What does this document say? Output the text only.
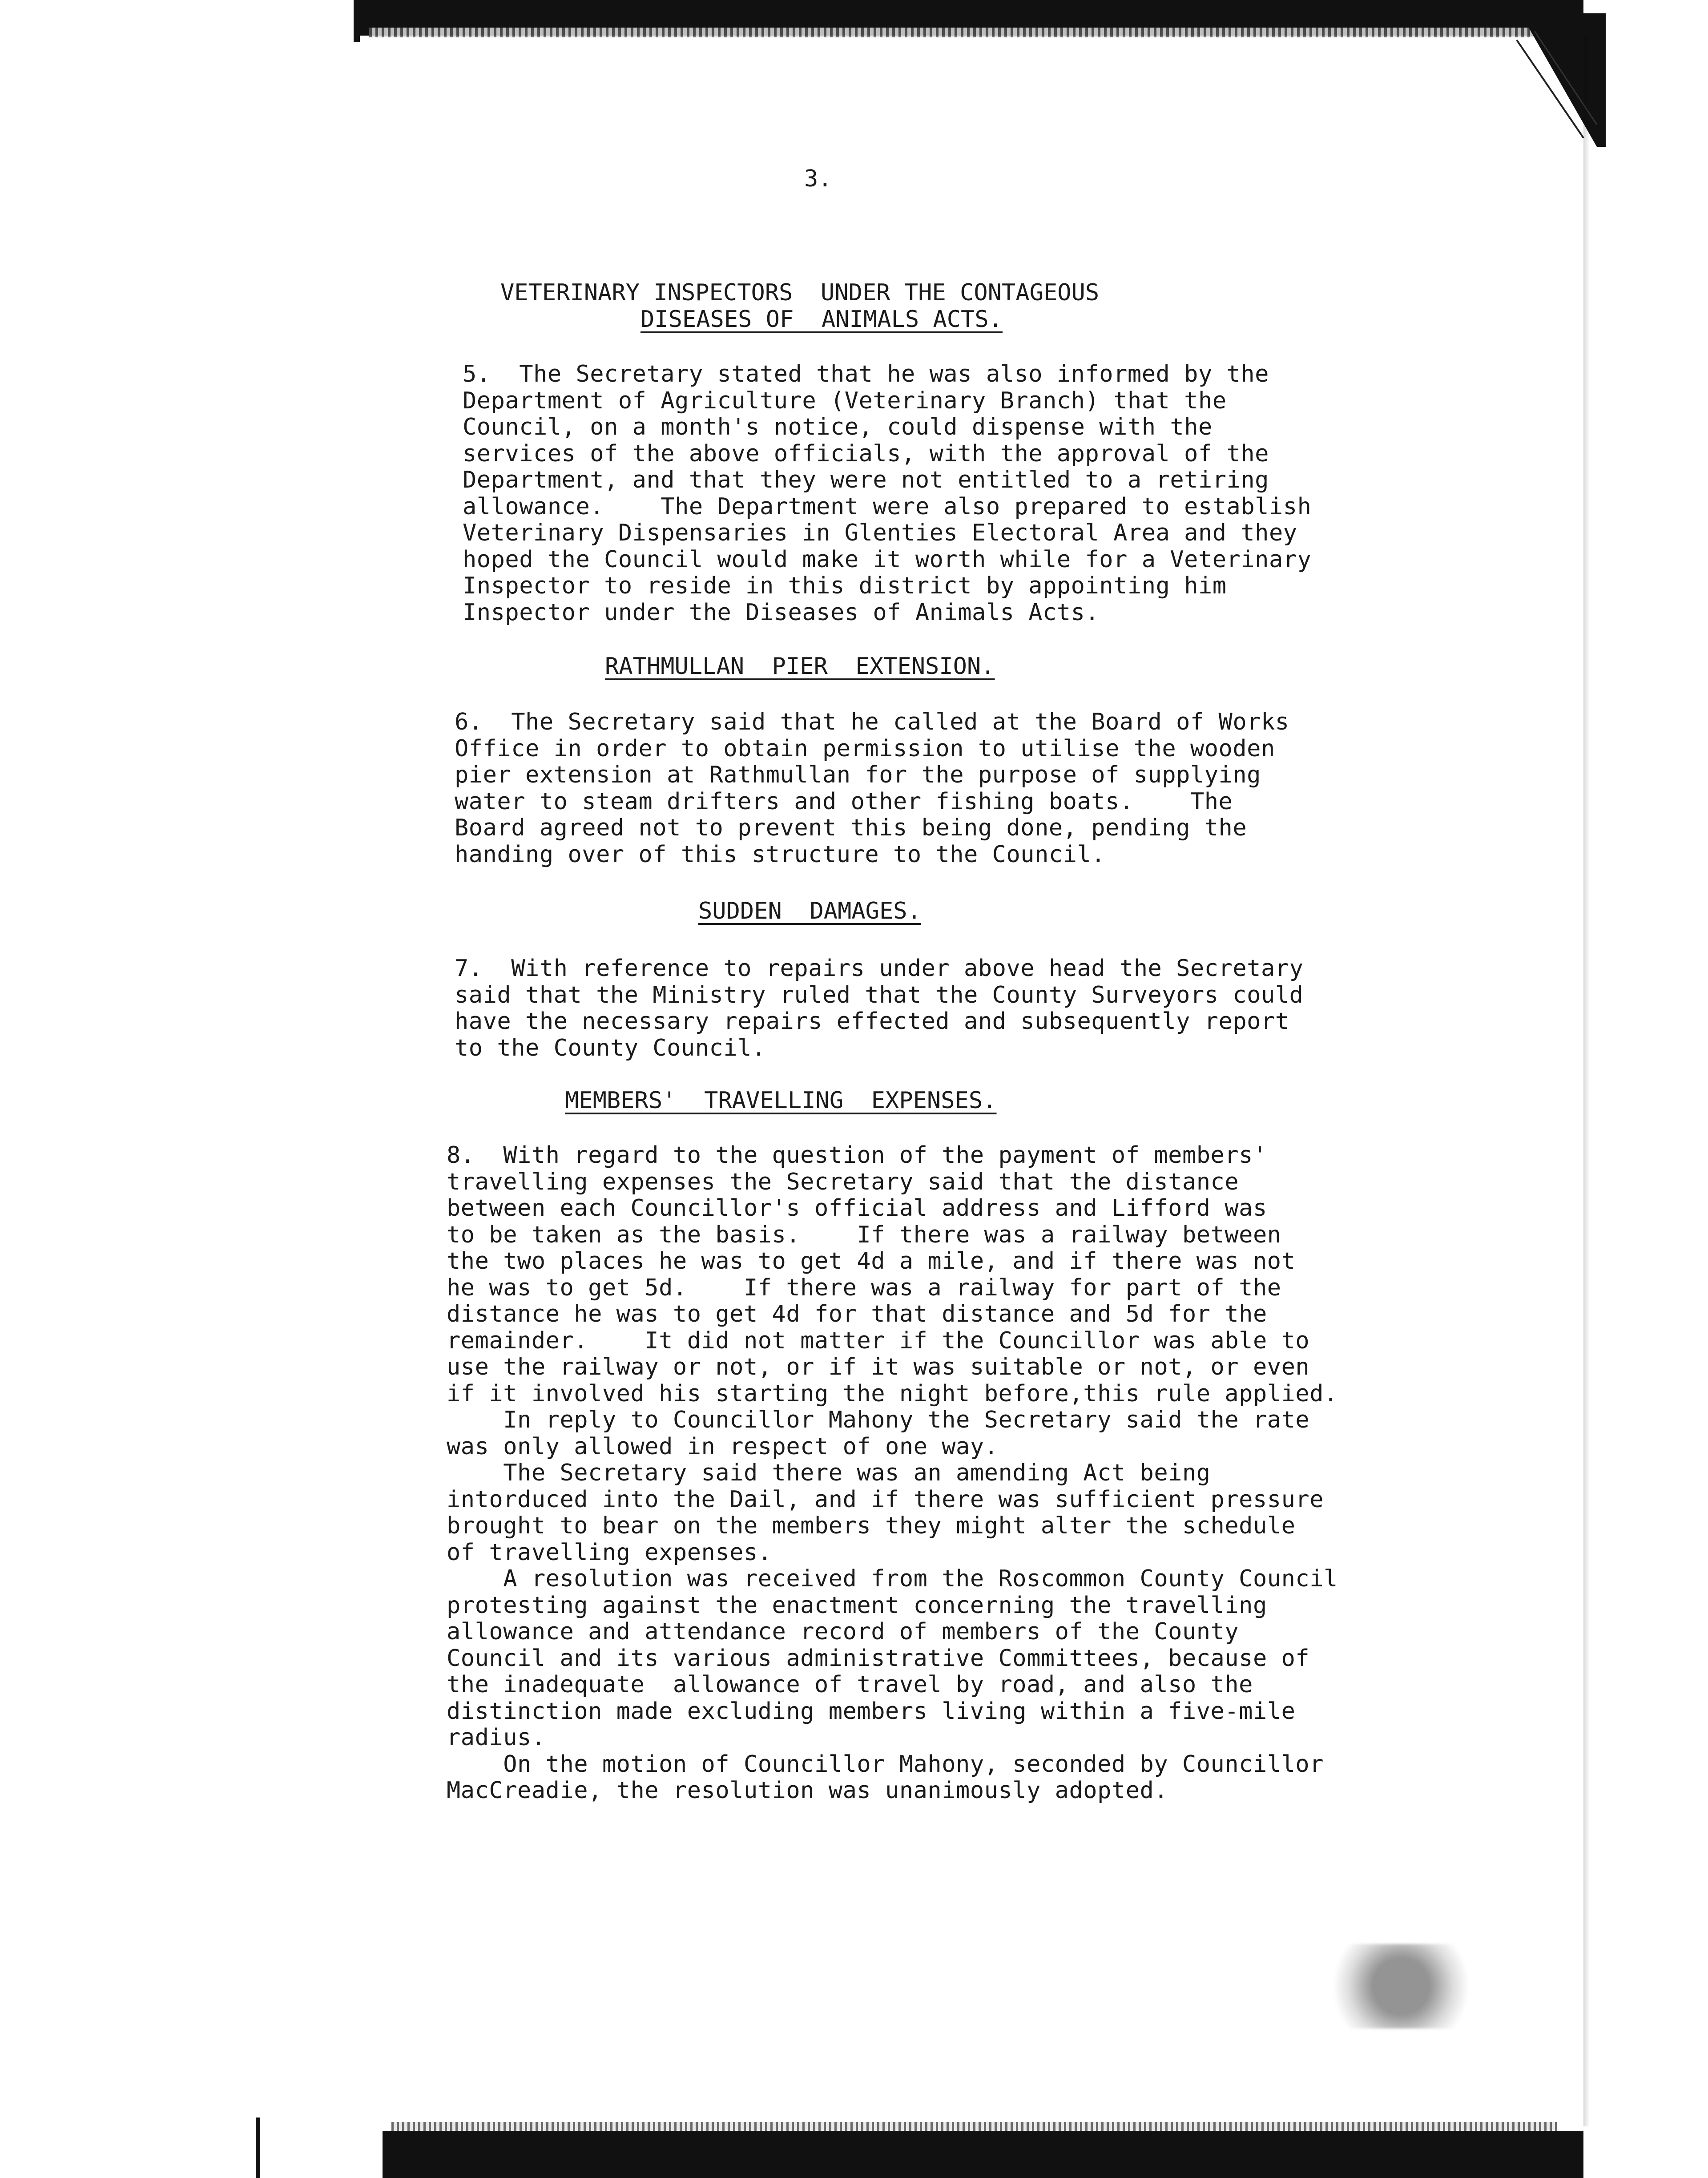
3.
VETERINARY INSPECTORS  UNDER THE CONTAGEOUS
DISEASES OF  ANIMALS ACTS.
5.  The Secretary stated that he was also informed by the
Department of Agriculture (Veterinary Branch) that the
Council, on a month's notice, could dispense with the
services of the above officials, with the approval of the
Department, and that they were not entitled to a retiring
allowance.    The Department were also prepared to establish
Veterinary Dispensaries in Glenties Electoral Area and they
hoped the Council would make it worth while for a Veterinary
Inspector to reside in this district by appointing him
Inspector under the Diseases of Animals Acts.
RATHMULLAN  PIER  EXTENSION.
6.  The Secretary said that he called at the Board of Works
Office in order to obtain permission to utilise the wooden
pier extension at Rathmullan for the purpose of supplying
water to steam drifters and other fishing boats.    The
Board agreed not to prevent this being done, pending the
handing over of this structure to the Council.
SUDDEN  DAMAGES.
7.  With reference to repairs under above head the Secretary
said that the Ministry ruled that the County Surveyors could
have the necessary repairs effected and subsequently report
to the County Council.
MEMBERS'  TRAVELLING  EXPENSES.
8.  With regard to the question of the payment of members'
travelling expenses the Secretary said that the distance
between each Councillor's official address and Lifford was
to be taken as the basis.    If there was a railway between
the two places he was to get 4d a mile, and if there was not
he was to get 5d.    If there was a railway for part of the
distance he was to get 4d for that distance and 5d for the
remainder.    It did not matter if the Councillor was able to
use the railway or not, or if it was suitable or not, or even
if it involved his starting the night before,this rule applied.
In reply to Councillor Mahony the Secretary said the rate
was only allowed in respect of one way.
The Secretary said there was an amending Act being
intorduced into the Dail, and if there was sufficient pressure
brought to bear on the members they might alter the schedule
of travelling expenses.
A resolution was received from the Roscommon County Council
protesting against the enactment concerning the travelling
allowance and attendance record of members of the County
Council and its various administrative Committees, because of
the inadequate  allowance of travel by road, and also the
distinction made excluding members living within a five-mile
radius.
On the motion of Councillor Mahony, seconded by Councillor
MacCreadie, the resolution was unanimously adopted.
